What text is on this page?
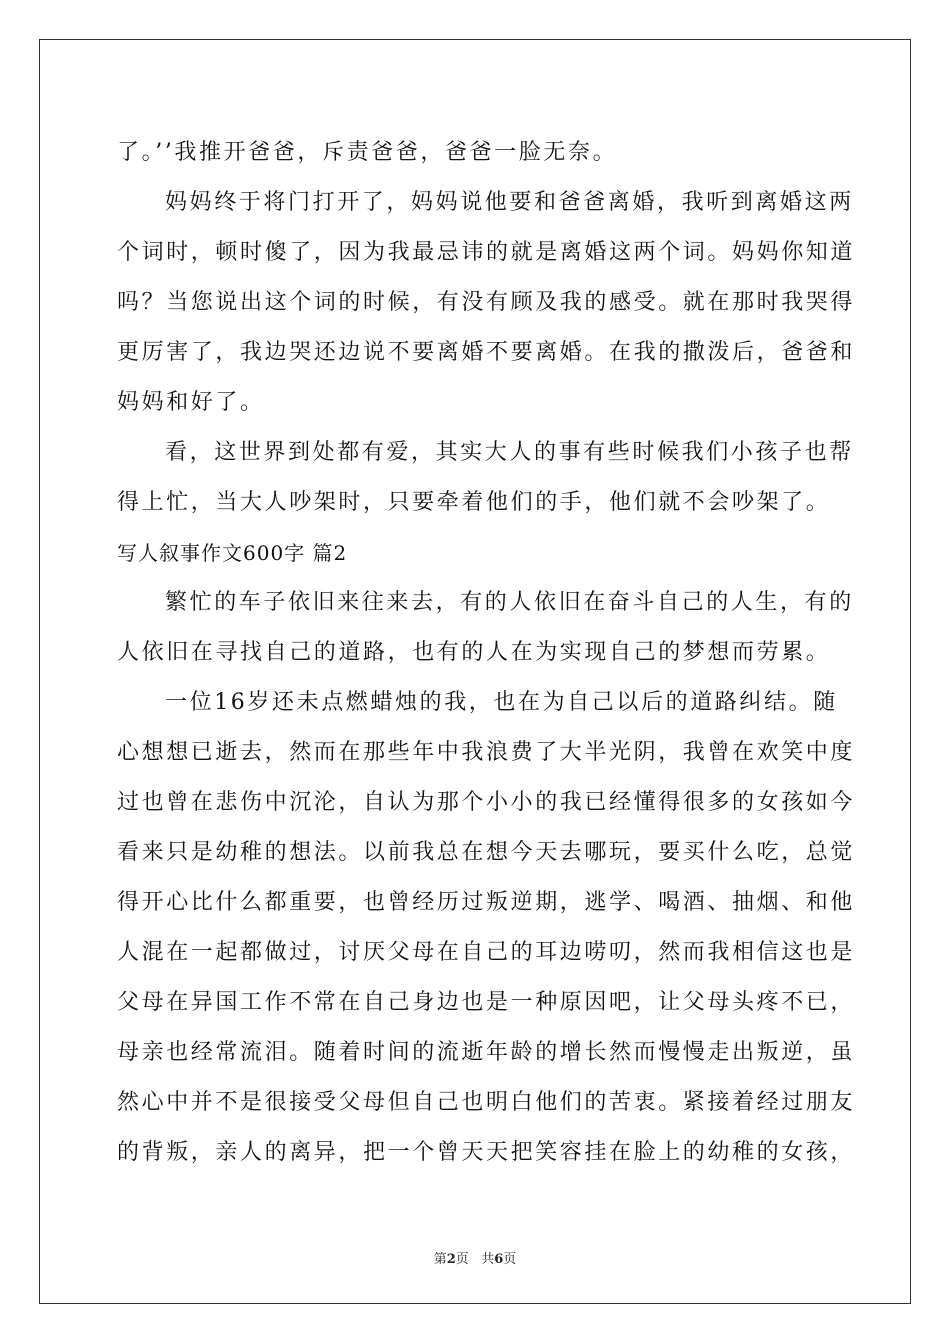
了。’’我推开爸爸，斥责爸爸，爸爸一脸无奈。
妈妈终于将门打开了，妈妈说他要和爸爸离婚，我听到离婚这两
个词时，顿时傻了，因为我最忌讳的就是离婚这两个词。妈妈你知道
吗？当您说出这个词的时候，有没有顾及我的感受。就在那时我哭得
更厉害了，我边哭还边说不要离婚不要离婚。在我的撒泼后，爸爸和
妈妈和好了。
看，这世界到处都有爱，其实大人的事有些时候我们小孩子也帮
得上忙，当大人吵架时，只要牵着他们的手，他们就不会吵架了。
写人叙事作文600字 篇2
繁忙的车子依旧来往来去，有的人依旧在奋斗自己的人生，有的
人依旧在寻找自己的道路，也有的人在为实现自己的梦想而劳累。
一位16岁还未点燃蜡烛的我，也在为自己以后的道路纠结。随
心想想已逝去，然而在那些年中我浪费了大半光阴，我曾在欢笑中度
过也曾在悲伤中沉沦，自认为那个小小的我已经懂得很多的女孩如今
看来只是幼稚的想法。以前我总在想今天去哪玩，要买什么吃，总觉
得开心比什么都重要，也曾经历过叛逆期，逃学、喝酒、抽烟、和他
人混在一起都做过，讨厌父母在自己的耳边唠叨，然而我相信这也是
父母在异国工作不常在自己身边也是一种原因吧，让父母头疼不已，
母亲也经常流泪。随着时间的流逝年龄的增长然而慢慢走出叛逆，虽
然心中并不是很接受父母但自己也明白他们的苦衷。紧接着经过朋友
的背叛，亲人的离异，把一个曾天天把笑容挂在脸上的幼稚的女孩，
第2页 共6页
